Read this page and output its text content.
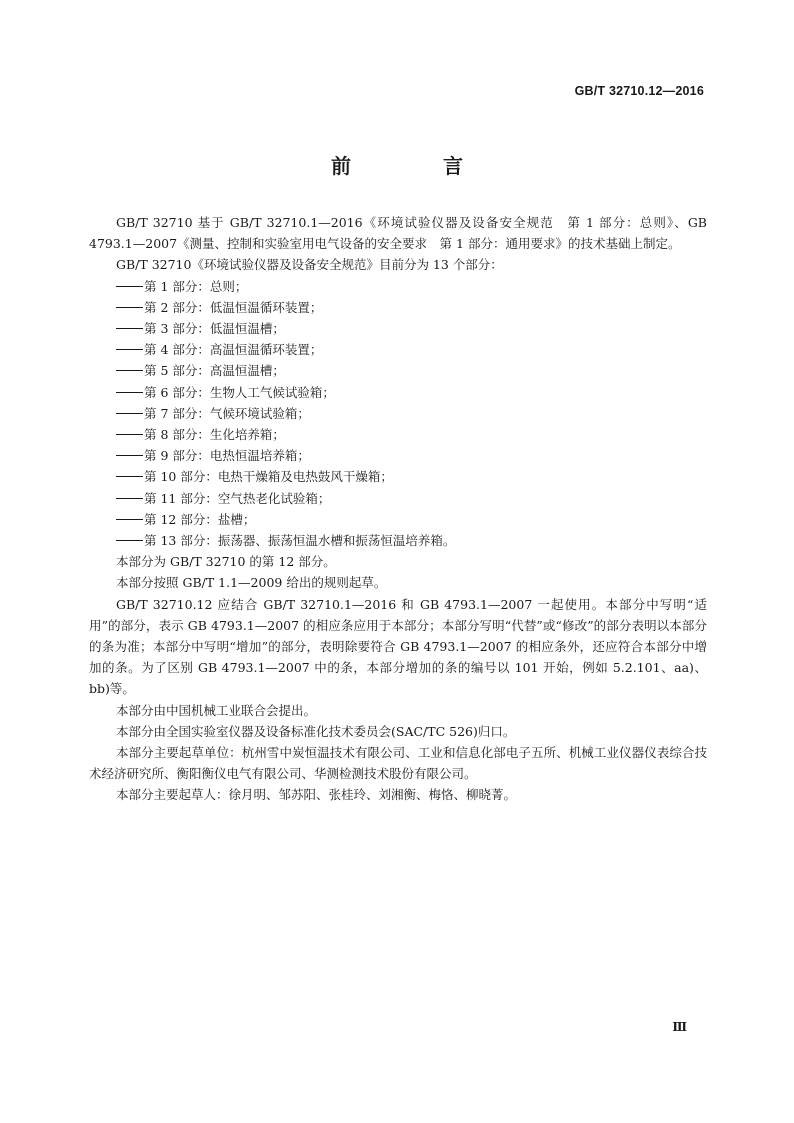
GB/T 32710.12—2016
前　言

GB/T 32710 基于 GB/T 32710.1—2016《环境试验仪器及设备安全规范　第 1 部分：总则》、GB 4793.1—2007《测量、控制和实验室用电气设备的安全要求　第 1 部分：通用要求》的技术基础上制定。

GB/T 32710《环境试验仪器及设备安全规范》目前分为 13 个部分：

第 1 部分：总则；

第 2 部分：低温恒温循环装置；

第 3 部分：低温恒温槽；

第 4 部分：高温恒温循环装置；

第 5 部分：高温恒温槽；

第 6 部分：生物人工气候试验箱；

第 7 部分：气候环境试验箱；

第 8 部分：生化培养箱；

第 9 部分：电热恒温培养箱；

第 10 部分：电热干燥箱及电热鼓风干燥箱；

第 11 部分：空气热老化试验箱；

第 12 部分：盐槽；

第 13 部分：振荡器、振荡恒温水槽和振荡恒温培养箱。

本部分为 GB/T 32710 的第 12 部分。

本部分按照 GB/T 1.1—2009 给出的规则起草。

GB/T 32710.12 应结合 GB/T 32710.1—2016 和 GB 4793.1—2007 一起使用。本部分中写明“适用”的部分，表示 GB 4793.1—2007 的相应条应用于本部分；本部分写明“代替”或“修改”的部分表明以本部分的条为准；本部分中写明“增加”的部分，表明除要符合 GB 4793.1—2007 的相应条外，还应符合本部分中增加的条。为了区别 GB 4793.1—2007 中的条，本部分增加的条的编号以 101 开始，例如 5.2.101、aa)、bb)等。

本部分由中国机械工业联合会提出。

本部分由全国实验室仪器及设备标准化技术委员会(SAC/TC 526)归口。

本部分主要起草单位：杭州雪中炭恒温技术有限公司、工业和信息化部电子五所、机械工业仪器仪表综合技术经济研究所、衡阳衡仪电气有限公司、华测检测技术股份有限公司。

本部分主要起草人：徐月明、邹苏阳、张桂玲、刘湘衡、梅恪、柳晓菁。

Ⅲ
